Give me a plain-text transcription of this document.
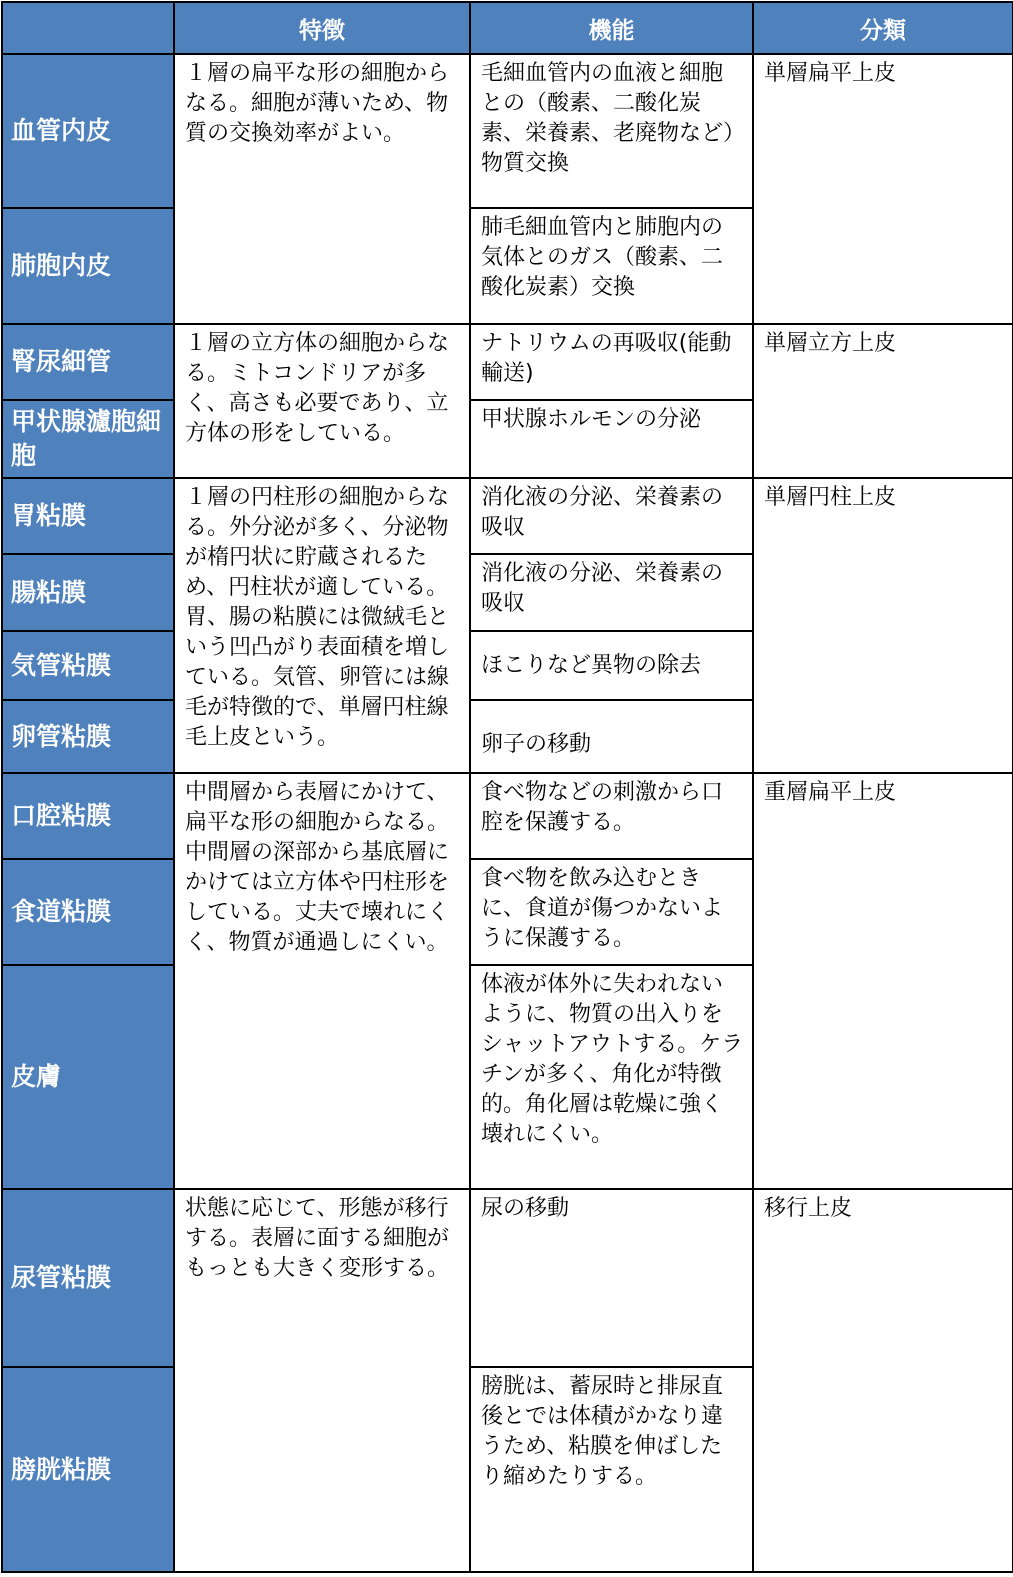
	特徴	機能	分類
血管内皮	１層の扁平な形の細胞からなる。細胞が薄いため、物質の交換効率がよい。	毛細血管内の血液と細胞との（酸素、二酸化炭素、栄養素、老廃物など）物質交換	単層扁平上皮
肺胞内皮		肺毛細血管内と肺胞内の気体とのガス（酸素、二酸化炭素）交換	
腎尿細管	１層の立方体の細胞からなる。ミトコンドリアが多く、高さも必要であり、立方体の形をしている。	ナトリウムの再吸収(能動輸送)	単層立方上皮
甲状腺濾胞細胞		甲状腺ホルモンの分泌	
胃粘膜	１層の円柱形の細胞からなる。外分泌が多く、分泌物が楕円状に貯蔵されるため、円柱状が適している。胃、腸の粘膜には微絨毛という凹凸がり表面積を増している。気管、卵管には線毛が特徴的で、単層円柱線毛上皮という。	消化液の分泌、栄養素の吸収	単層円柱上皮
腸粘膜		消化液の分泌、栄養素の吸収	
気管粘膜		ほこりなど異物の除去	
卵管粘膜		卵子の移動	
口腔粘膜	中間層から表層にかけて、扁平な形の細胞からなる。中間層の深部から基底層にかけては立方体や円柱形をしている。丈夫で壊れにくく、物質が通過しにくい。	食べ物などの刺激から口腔を保護する。	重層扁平上皮
食道粘膜		食べ物を飲み込むときに、食道が傷つかないように保護する。	
皮膚		体液が体外に失われないように、物質の出入りをシャットアウトする。ケラチンが多く、角化が特徴的。角化層は乾燥に強く壊れにくい。	
尿管粘膜	状態に応じて、形態が移行する。表層に面する細胞がもっとも大きく変形する。	尿の移動	移行上皮
膀胱粘膜		膀胱は、蓄尿時と排尿直後とでは体積がかなり違うため、粘膜を伸ばしたり縮めたりする。	
